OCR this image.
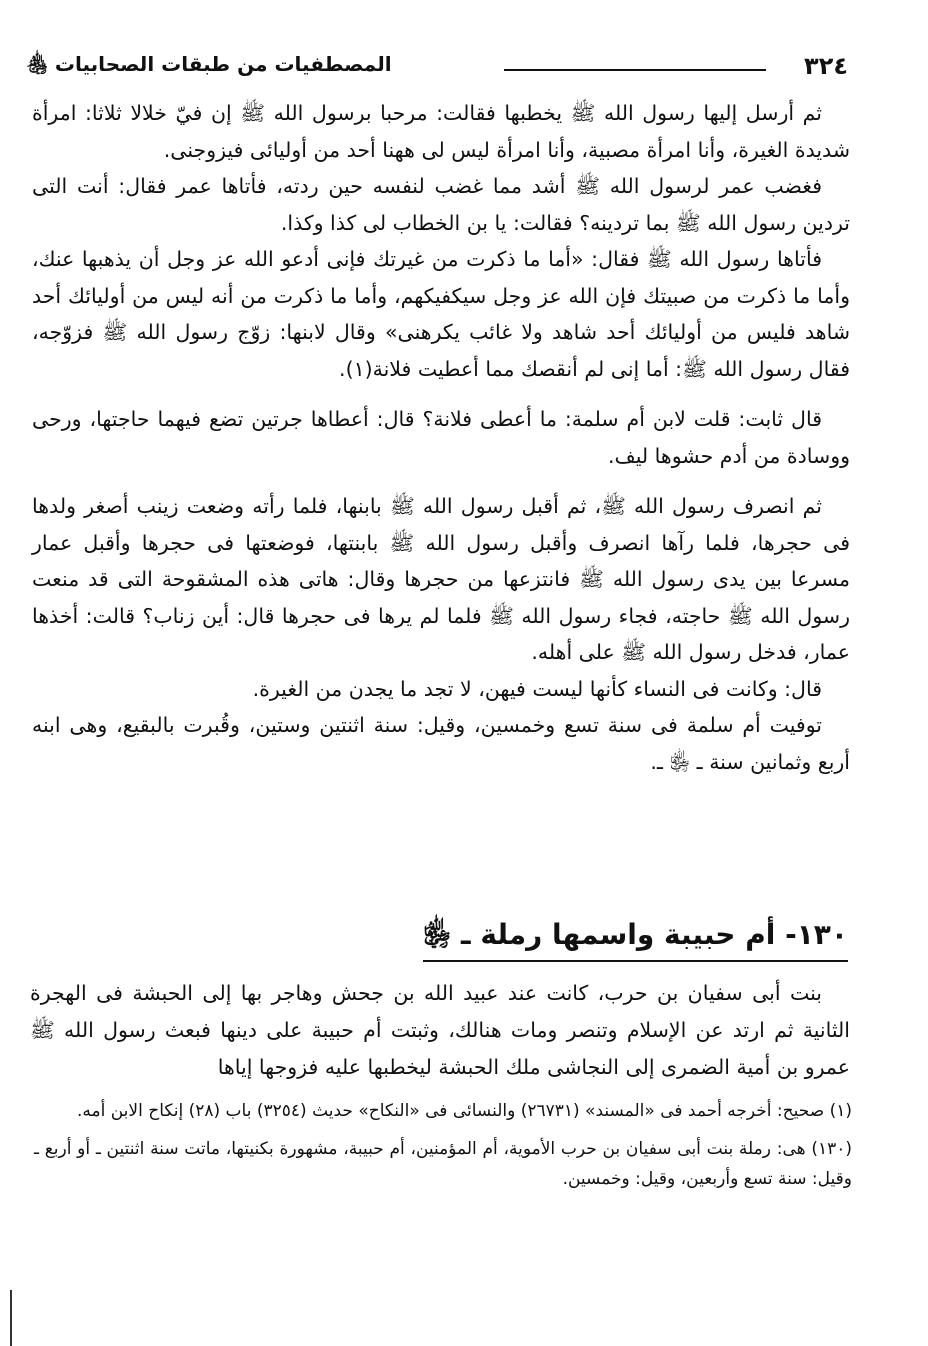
٣٢٤
المصطفيات من طبقات الصحابيات ﵃

ثم أرسل إليها رسول الله ﷺ يخطبها فقالت: مرحبا برسول الله ﷺ إن فيّ خلالا ثلاثا: امرأة شديدة الغيرة، وأنا امرأة مصبية، وأنا امرأة ليس لى ههنا أحد من أوليائى فيزوجنى.

فغضب عمر لرسول الله ﷺ أشد مما غضب لنفسه حين ردته، فأتاها عمر فقال: أنت التى تردين رسول الله ﷺ بما تردينه؟ فقالت: يا بن الخطاب لى كذا وكذا.

فأتاها رسول الله ﷺ فقال: «أما ما ذكرت من غيرتك فإنى أدعو الله عز وجل أن يذهبها عنك، وأما ما ذكرت من صبيتك فإن الله عز وجل سيكفيكهم، وأما ما ذكرت من أنه ليس من أوليائك أحد شاهد فليس من أوليائك أحد شاهد ولا غائب يكرهنى» وقال لابنها: زوّج رسول الله ﷺ فزوّجه، فقال رسول الله ﷺ: أما إنى لم أنقصك مما أعطيت فلانة(١).

قال ثابت: قلت لابن أم سلمة: ما أعطى فلانة؟ قال: أعطاها جرتين تضع فيهما حاجتها، ورحى ووسادة من أدم حشوها ليف.

ثم انصرف رسول الله ﷺ، ثم أقبل رسول الله ﷺ بابنها، فلما رأته وضعت زينب أصغر ولدها فى حجرها، فلما رآها انصرف وأقبل رسول الله ﷺ بابنتها، فوضعتها فى حجرها وأقبل عمار مسرعا بين يدى رسول الله ﷺ فانتزعها من حجرها وقال: هاتى هذه المشقوحة التى قد منعت رسول الله ﷺ حاجته، فجاء رسول الله ﷺ فلما لم يرها فى حجرها قال: أين زناب؟ قالت: أخذها عمار، فدخل رسول الله ﷺ على أهله.

قال: وكانت فى النساء كأنها ليست فيهن، لا تجد ما يجدن من الغيرة.

توفيت أم سلمة فى سنة تسع وخمسين، وقيل: سنة اثنتين وستين، وقُبرت بالبقيع، وهى ابنه أربع وثمانين سنة ـ ﵂ ـ.

١٣٠- أم حبيبة واسمها رملة ـ ﵂

بنت أبى سفيان بن حرب، كانت عند عبيد الله بن جحش وهاجر بها إلى الحبشة فى الهجرة الثانية ثم ارتد عن الإسلام وتنصر ومات هنالك، وثبتت أم حبيبة على دينها فبعث رسول الله ﷺ عمرو بن أمية الضمرى إلى النجاشى ملك الحبشة ليخطبها عليه فزوجها إياها

(١) صحيح: أخرجه أحمد فى «المسند» (٢٦٧٣١) والنسائى فى «النكاح» حديث (٣٢٥٤) باب (٢٨) إنكاح الابن أمه.

(١٣٠) هى: رملة بنت أبى سفيان بن حرب الأموية، أم المؤمنين، أم حبيبة، مشهورة بكنيتها، ماتت سنة اثنتين ـ أو أربع ـ وقيل: سنة تسع وأربعين، وقيل: وخمسين.
